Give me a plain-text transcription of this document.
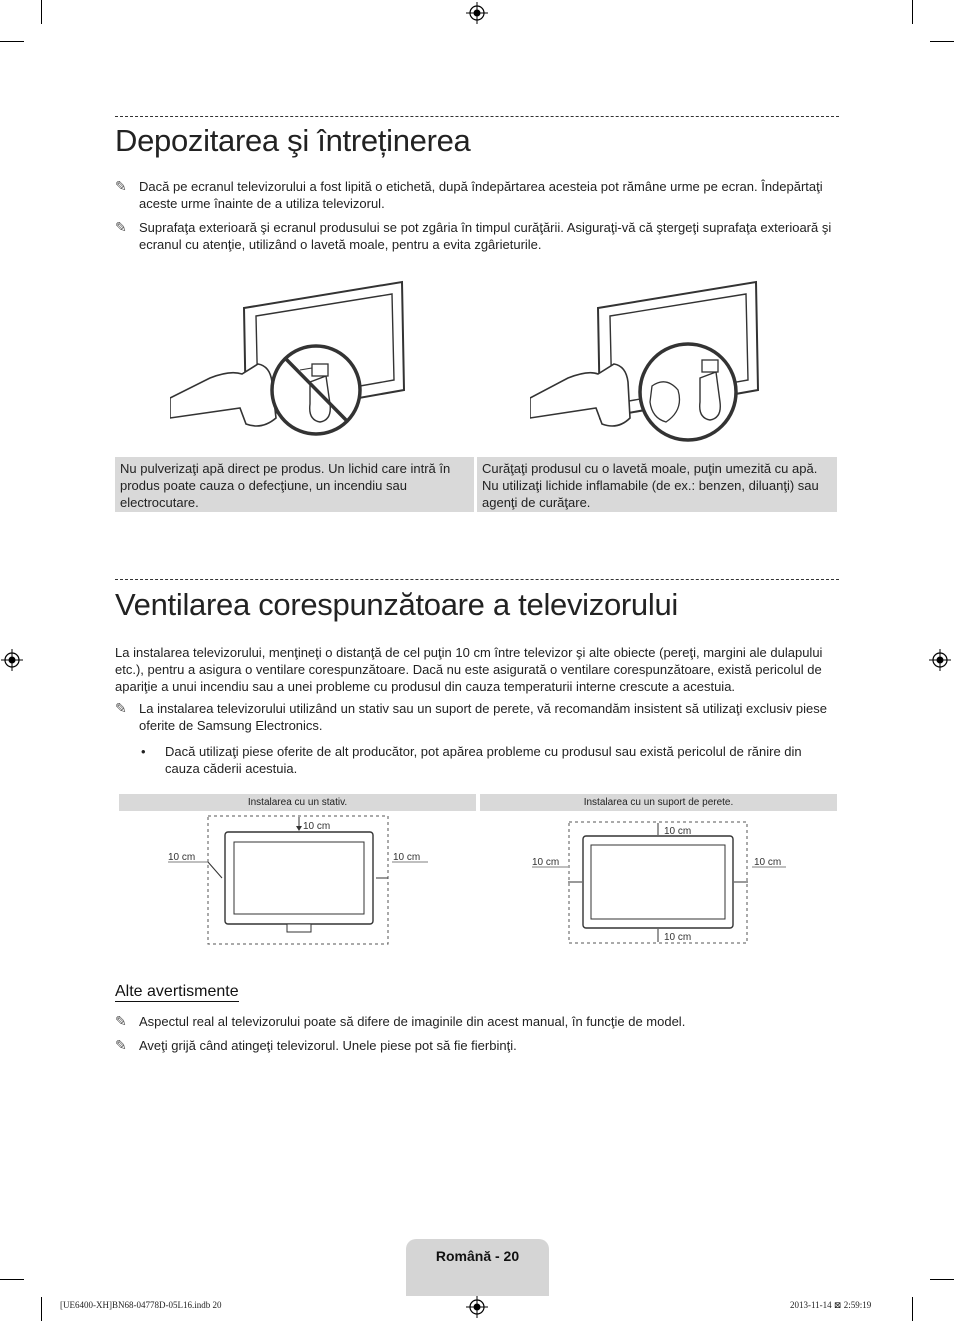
Depozitarea şi întreținerea
✎ Dacă pe ecranul televizorului a fost lipită o etichetă, după îndepărtarea acesteia pot rămâne urme pe ecran. Îndepărtaţi aceste urme înainte de a utiliza televizorul.
✎ Suprafaţa exterioară şi ecranul produsului se pot zgâria în timpul curăţării. Asiguraţi-vă că ştergeţi suprafaţa exterioară şi ecranul cu atenţie, utilizând o lavetă moale, pentru a evita zgârieturile.
Nu pulverizaţi apă direct pe produs. Un lichid care intră în produs poate cauza o defecţiune, un incendiu sau electrocutare.
Curăţaţi produsul cu o lavetă moale, puţin umezită cu apă. Nu utilizaţi lichide inflamabile (de ex.: benzen, diluanţi) sau agenţi de curăţare.
Ventilarea corespunzătoare a televizorului
La instalarea televizorului, menţineţi o distanţă de cel puţin 10 cm între televizor şi alte obiecte (pereţi, margini ale dulapului etc.), pentru a asigura o ventilare corespunzătoare. Dacă nu este asigurată o ventilare corespunzătoare, există pericolul de apariţie a unui incendiu sau a unei probleme cu produsul din cauza temperaturii interne crescute a acestuia.
✎ La instalarea televizorului utilizând un stativ sau un suport de perete, vă recomandăm insistent să utilizaţi exclusiv piese oferite de Samsung Electronics.
• Dacă utilizaţi piese oferite de alt producător, pot apărea probleme cu produsul sau există pericolul de rănire din cauza căderii acestuia.
Instalarea cu un stativ.	Instalarea cu un suport de perete.
10 cm
10 cm	10 cm
10 cm
10 cm
10 cm	10 cm
Alte avertismente
✎ Aspectul real al televizorului poate să difere de imaginile din acest manual, în funcţie de model.
✎ Aveţi grijă când atingeţi televizorul. Unele piese pot să fie fierbinţi.
Română - 20
[UE6400-XH]BN68-04778D-05L16.indb 20	2013-11-14 ⊠ 2:59:19
